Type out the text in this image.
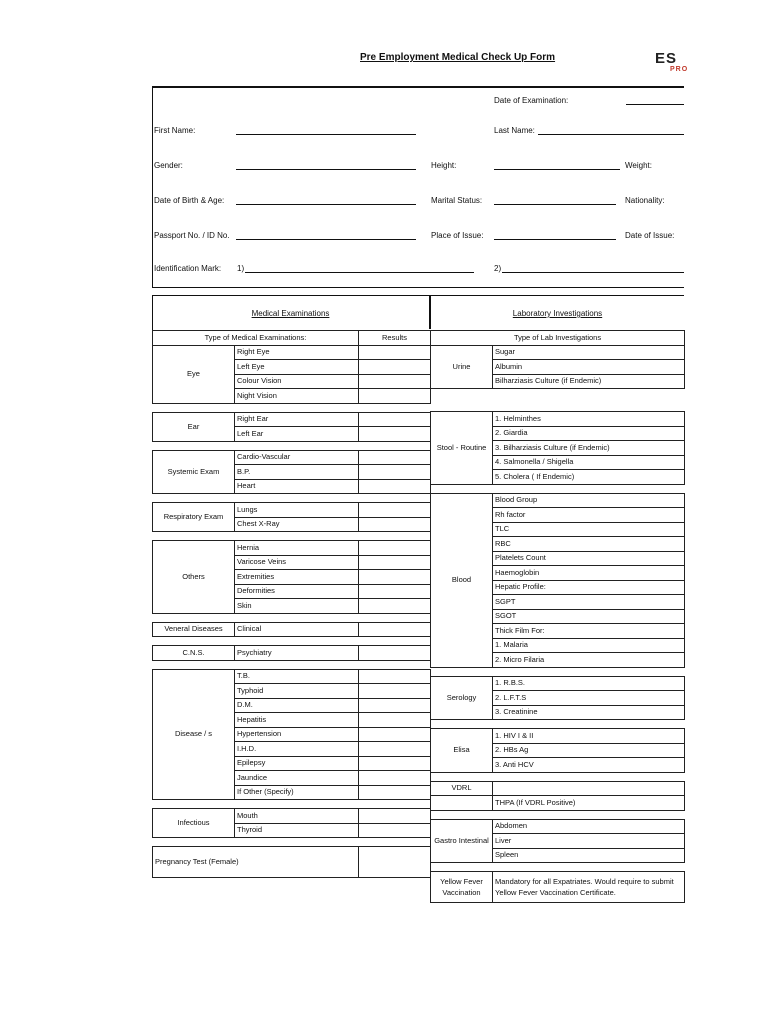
Pre Employment Medical Check Up Form	ES
PRO
Date of Examination:
First Name:	Last Name:
Gender:	Height:	Weight:
Date of Birth & Age:	Marital Status:	Nationality:
Passport No. / ID No.	Place of Issue:	Date of Issue:
Identification Mark: 1)	2)
Medical Examinations	Laboratory Investigations
Type of Medical Examinations:		Results
Eye	Right Eye	
	Left Eye	
	Colour Vision	
	Night Vision	

Ear	Right Ear	
	Left Ear	

Systemic Exam	Cardio-Vascular	
	B.P.	
	Heart	

Respiratory Exam	Lungs	
	Chest X-Ray	

Others	Hernia	
	Varicose Veins	
	Extremities	
	Deformities	
	Skin	

Veneral Diseases	Clinical	

C.N.S.	Psychiatry	

Disease / s	T.B.	
	Typhoid	
	D.M.	
	Hepatitis	
	Hypertension	
	I.H.D.	
	Epilepsy	
	Jaundice	
	If Other (Specify)	

Infectious	Mouth	
	Thyroid	

Pregnancy Test (Female)		
Type of Lab Investigations	
Urine	Sugar
	Albumin
	Bilharziasis Culture (if Endemic)

Stool - Routine	1. Helminthes
	2. Giardia
	3. Bilharziasis Culture (if Endemic)
	4. Salmonella / Shigella
	5. Cholera ( If Endemic)

Blood	Blood Group
	Rh factor
	TLC
	RBC
	Platelets Count
	Haemoglobin
	Hepatic Profile:
	SGPT
	SGOT
	Thick Film For:
	1. Malaria
	2. Micro Filaria

Serology	1. R.B.S.
	2. L.F.T.S
	3. Creatinine

Elisa	1. HIV I & II
	2. HBs Ag
	3. Anti HCV

VDRL	
	THPA (If VDRL Positive)

Gastro Intestinal	Abdomen
	Liver
	Spleen

Yellow Fever Vaccination	Mandatory for all Expatriates. Would require to submit Yellow Fever Vaccination Certificate.
